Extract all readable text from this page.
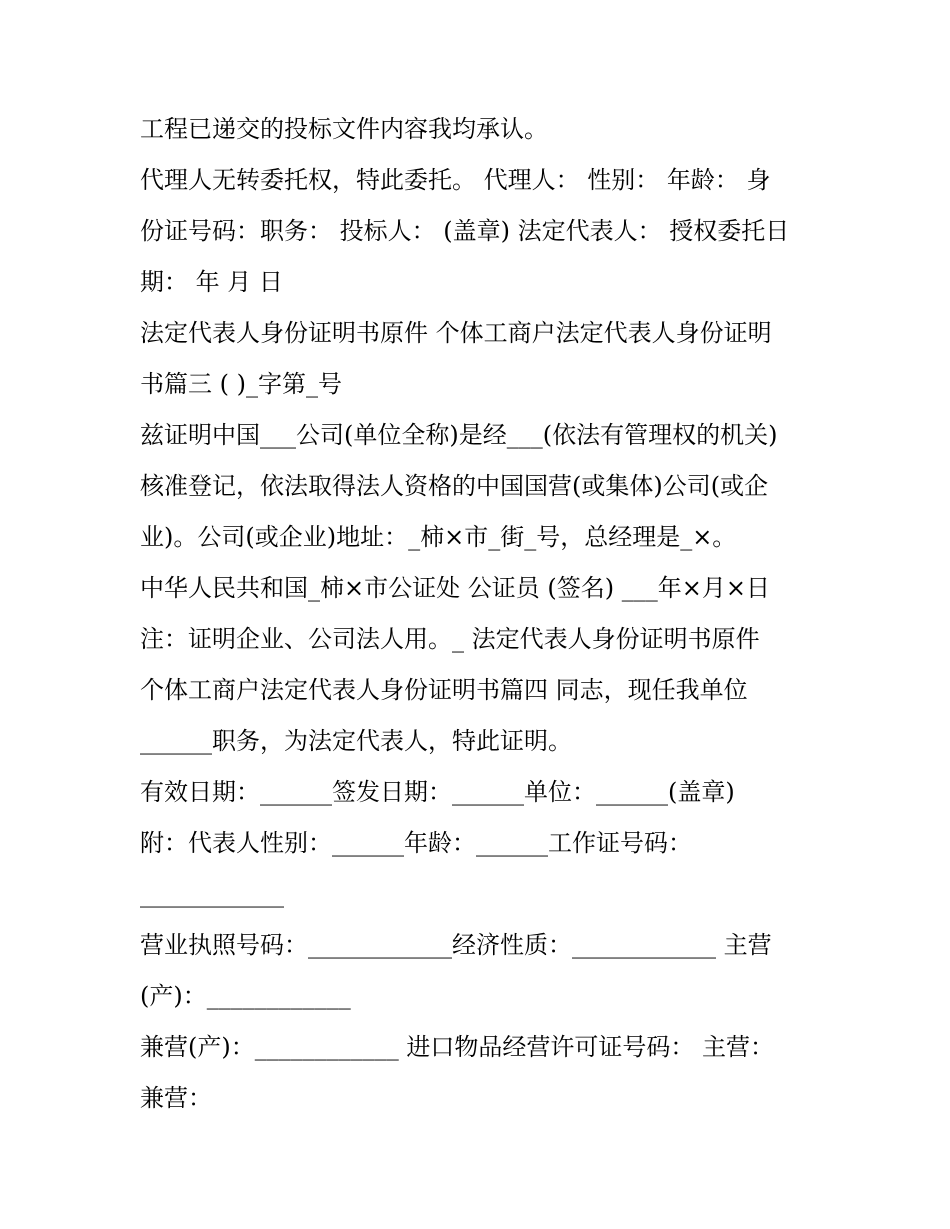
工程已递交的投标文件内容我均承认。
代理人无转委托权，特此委托。 代理人： 性别： 年龄： 身
份证号码：职务： 投标人： (盖章) 法定代表人： 授权委托日
期： 年 月 日
法定代表人身份证明书原件 个体工商户法定代表人身份证明
书篇三 ( )_字第_号
兹证明中国___公司(单位全称)是经___(依法有管理权的机关)
核准登记，依法取得法人资格的中国国营(或集体)公司(或企
业)。公司(或企业)地址：_柿×市_街_号，总经理是_×。
中华人民共和国_柿×市公证处 公证员 (签名) ___年×月×日
注：证明企业、公司法人用。_ 法定代表人身份证明书原件
个体工商户法定代表人身份证明书篇四 同志，现任我单位
______职务，为法定代表人，特此证明。
有效日期：______签发日期：______单位：______(盖章)
附：代表人性别：______年龄：______工作证号码：
____________
营业执照号码：____________经济性质：____________ 主营
(产)：____________
兼营(产)：____________ 进口物品经营许可证号码： 主营：
兼营：
